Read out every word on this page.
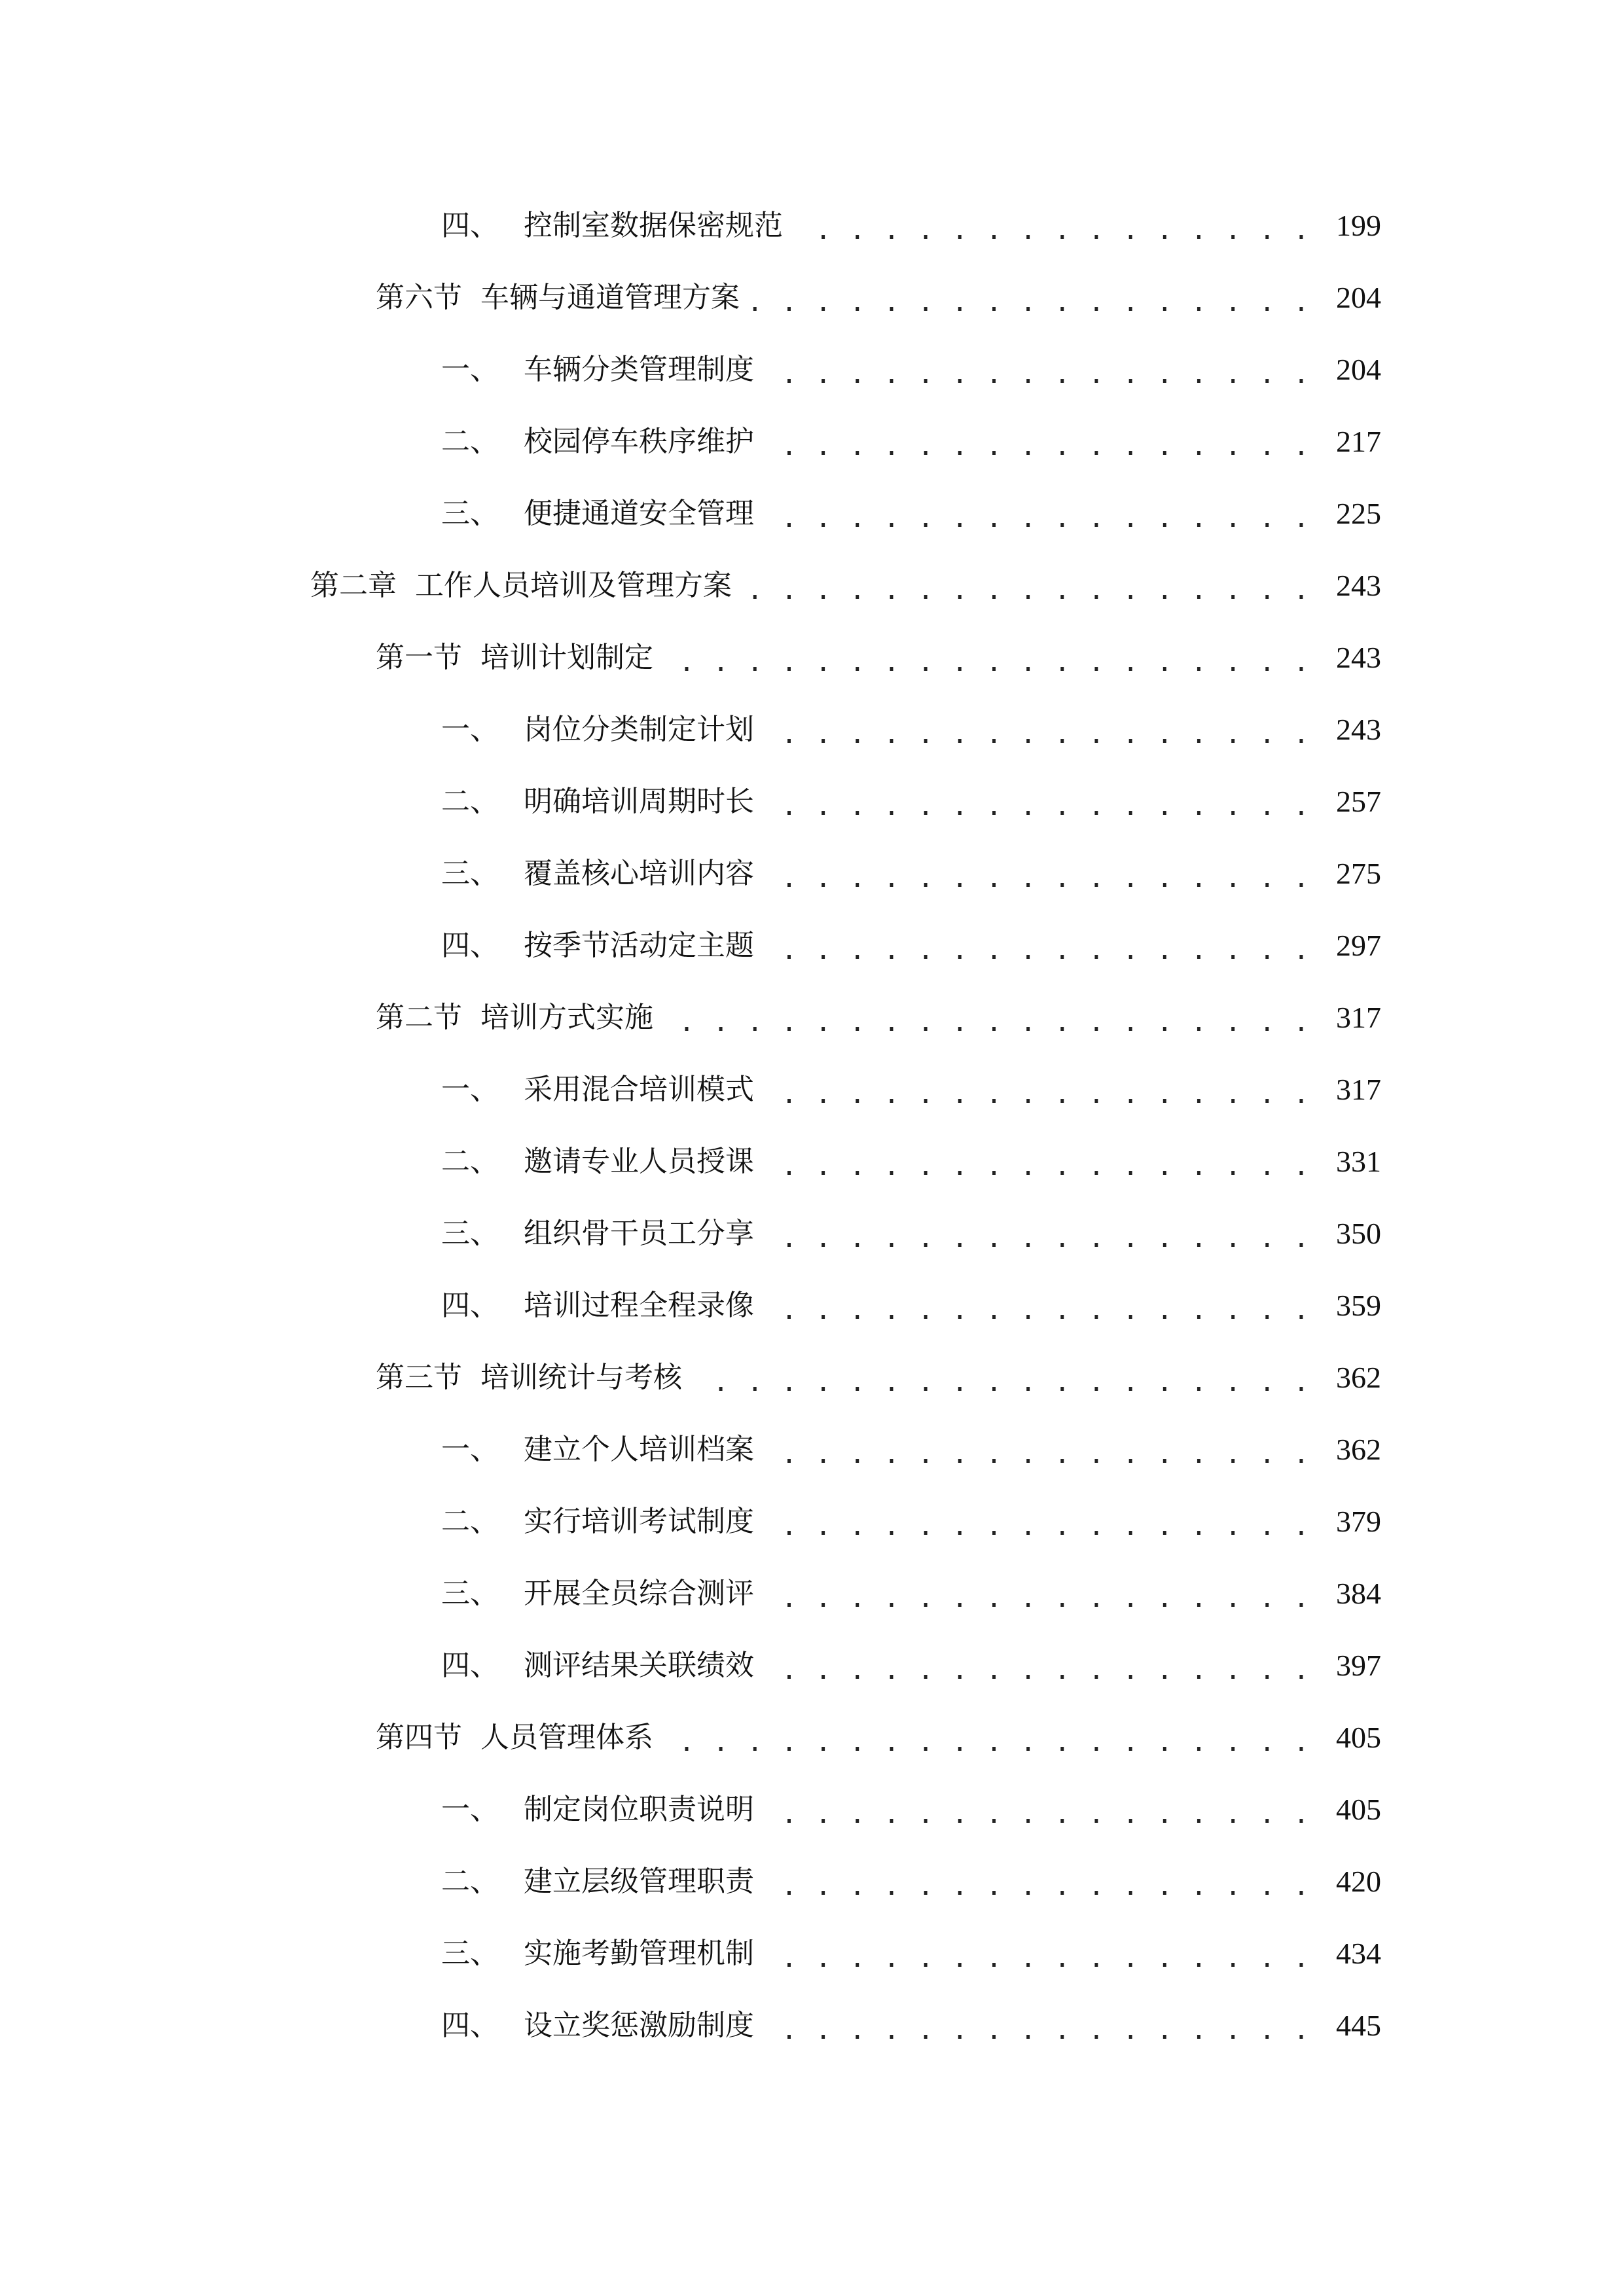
四、 控制室数据保密规范 . . .	199
第六节 车辆与通道管理方案 . . .	204
一、 车辆分类管理制度 . . .	204
二、 校园停车秩序维护 . . .	217
三、 便捷通道安全管理 . . .	225
第二章 工作人员培训及管理方案 . . .	243
第一节 培训计划制定 . . .	243
一、 岗位分类制定计划 . . .	243
二、 明确培训周期时长 . . .	257
三、 覆盖核心培训内容 . . .	275
四、 按季节活动定主题 . . .	297
第二节 培训方式实施 . . .	317
一、 采用混合培训模式 . . .	317
二、 邀请专业人员授课 . . .	331
三、 组织骨干员工分享 . . .	350
四、 培训过程全程录像 . . .	359
第三节 培训统计与考核 . . .	362
一、 建立个人培训档案 . . .	362
二、 实行培训考试制度 . . .	379
三、 开展全员综合测评 . . .	384
四、 测评结果关联绩效 . . .	397
第四节 人员管理体系 . . .	405
一、 制定岗位职责说明 . . .	405
二、 建立层级管理职责 . . .	420
三、 实施考勤管理机制 . . .	434
四、 设立奖惩激励制度 . . .	445
